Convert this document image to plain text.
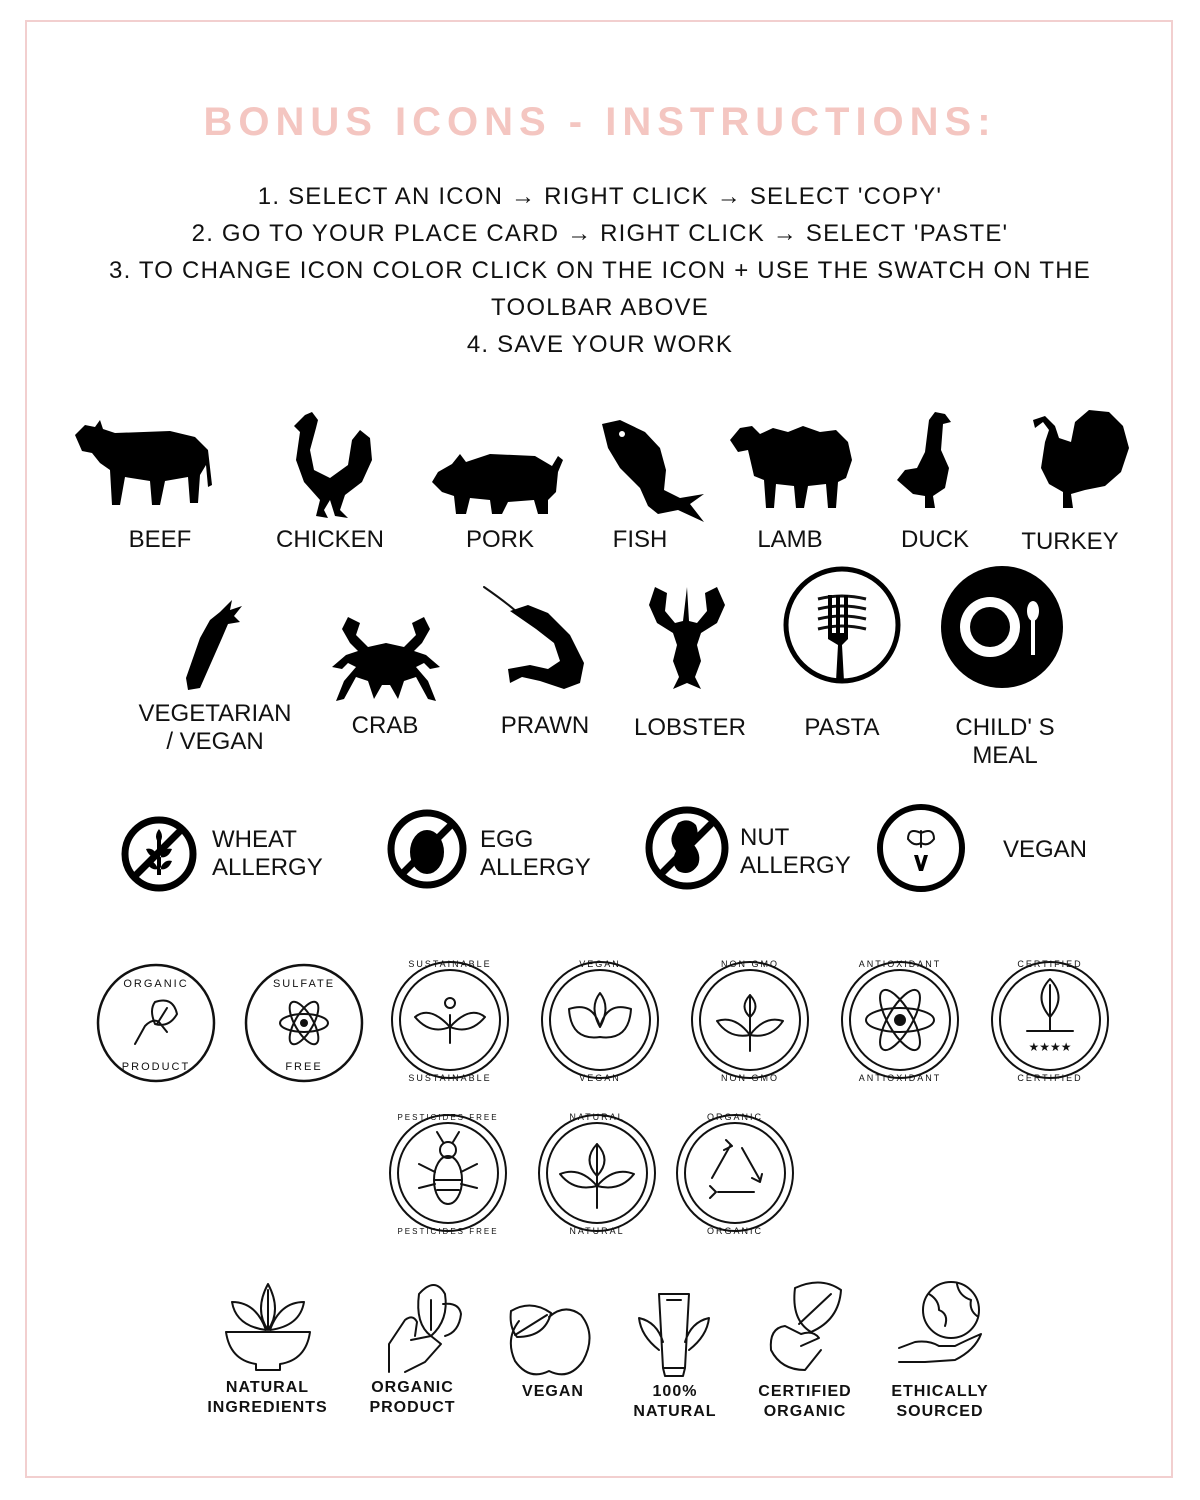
BONUS ICONS - INSTRUCTIONS:
1. SELECT AN ICON → RIGHT CLICK → SELECT 'COPY'
2. GO TO YOUR PLACE CARD → RIGHT CLICK → SELECT 'PASTE'
3. TO CHANGE ICON COLOR CLICK ON THE ICON + USE THE SWATCH ON THE
TOOLBAR ABOVE
4. SAVE YOUR WORK
BEEF	CHICKEN	PORK	FISH	LAMB	DUCK	TURKEY
VEGETARIAN
/ VEGAN
CRAB	PRAWN LOBSTER	PASTA	CHILD' S
MEAL
WHEAT
ALLERGY
EGG
ALLERGY
NUT
ALLERGY
VEGAN
ORGANIC
PRODUCT
SULFATE
FREE
SUSTAINABLE
SUSTAINABLE
VEGAN
VEGAN
NON GMO
NON GMO
ANTIOXIDANT
ANTIOXIDANT
CERTIFIED
CERTIFIED
★★★★
PESTICIDES FREE
PESTICIDES FREE
NATURAL
NATURAL
ORGANIC
ORGANIC
NATURAL
INGREDIENTS
ORGANIC
PRODUCT
VEGAN	100%
NATURAL
CERTIFIED
ORGANIC
ETHICALLY
SOURCED
